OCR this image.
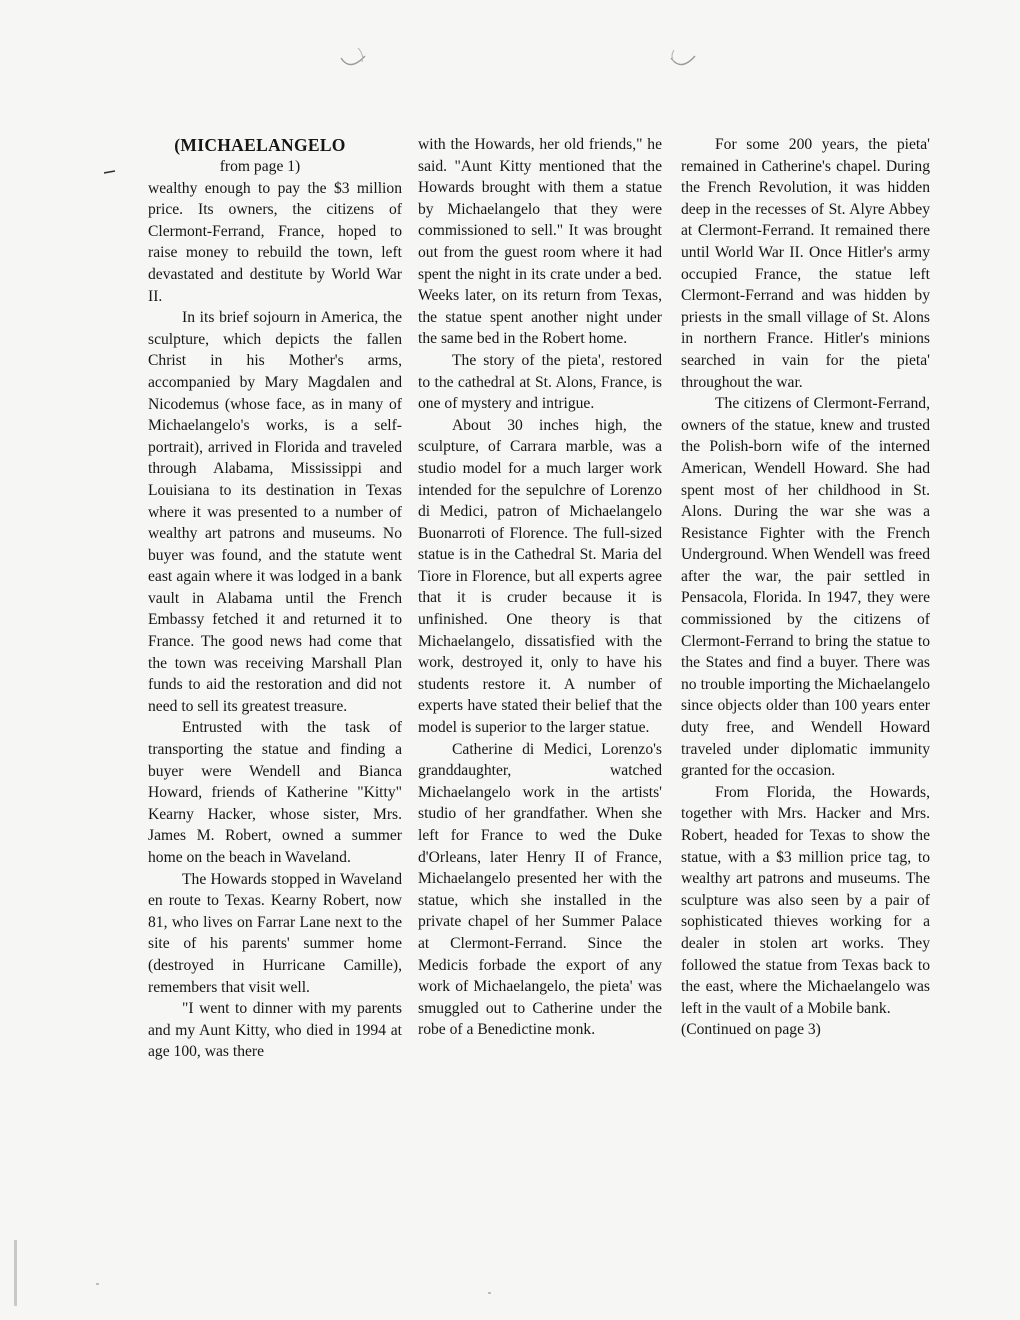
(MICHAELANGELO
from page 1)

wealthy enough to pay the $3 million price. Its owners, the citizens of Clermont-Ferrand, France, hoped to raise money to rebuild the town, left devastated and destitute by World War II.

In its brief sojourn in America, the sculpture, which depicts the fallen Christ in his Mother's arms, accompanied by Mary Magdalen and Nicodemus (whose face, as in many of Michaelangelo's works, is a self-portrait), arrived in Florida and traveled through Alabama, Mississippi and Louisiana to its destination in Texas where it was presented to a number of wealthy art patrons and museums. No buyer was found, and the statute went east again where it was lodged in a bank vault in Alabama until the French Embassy fetched it and returned it to France. The good news had come that the town was receiving Marshall Plan funds to aid the restoration and did not need to sell its greatest treasure.

Entrusted with the task of transporting the statue and finding a buyer were Wendell and Bianca Howard, friends of Katherine "Kitty" Kearny Hacker, whose sister, Mrs. James M. Robert, owned a summer home on the beach in Waveland.

The Howards stopped in Waveland en route to Texas. Kearny Robert, now 81, who lives on Farrar Lane next to the site of his parents' summer home (destroyed in Hurricane Camille), remembers that visit well.

"I went to dinner with my parents and my Aunt Kitty, who died in 1994 at age 100, was there

with the Howards, her old friends," he said. "Aunt Kitty mentioned that the Howards brought with them a statue by Michaelangelo that they were commissioned to sell." It was brought out from the guest room where it had spent the night in its crate under a bed. Weeks later, on its return from Texas, the statue spent another night under the same bed in the Robert home.

The story of the pieta', restored to the cathedral at St. Alons, France, is one of mystery and intrigue.

About 30 inches high, the sculpture, of Carrara marble, was a studio model for a much larger work intended for the sepulchre of Lorenzo di Medici, patron of Michaelangelo Buonarroti of Florence. The full-sized statue is in the Cathedral St. Maria del Tiore in Florence, but all experts agree that it is cruder because it is unfinished. One theory is that Michaelangelo, dissatisfied with the work, destroyed it, only to have his students restore it. A number of experts have stated their belief that the model is superior to the larger statue.

Catherine di Medici, Lorenzo's granddaughter, watched Michaelangelo work in the artists' studio of her grandfather. When she left for France to wed the Duke d'Orleans, later Henry II of France, Michaelangelo presented her with the statue, which she installed in the private chapel of her Summer Palace at Clermont-Ferrand. Since the Medicis forbade the export of any work of Michaelangelo, the pieta' was smuggled out to Catherine under the robe of a Benedictine monk.

For some 200 years, the pieta' remained in Catherine's chapel. During the French Revolution, it was hidden deep in the recesses of St. Alyre Abbey at Clermont-Ferrand. It remained there until World War II. Once Hitler's army occupied France, the statue left Clermont-Ferrand and was hidden by priests in the small village of St. Alons in northern France. Hitler's minions searched in vain for the pieta' throughout the war.

The citizens of Clermont-Ferrand, owners of the statue, knew and trusted the Polish-born wife of the interned American, Wendell Howard. She had spent most of her childhood in St. Alons. During the war she was a Resistance Fighter with the French Underground. When Wendell was freed after the war, the pair settled in Pensacola, Florida. In 1947, they were commissioned by the citizens of Clermont-Ferrand to bring the statue to the States and find a buyer. There was no trouble importing the Michaelangelo since objects older than 100 years enter duty free, and Wendell Howard traveled under diplomatic immunity granted for the occasion.

From Florida, the Howards, together with Mrs. Hacker and Mrs. Robert, headed for Texas to show the statue, with a $3 million price tag, to wealthy art patrons and museums. The sculpture was also seen by a pair of sophisticated thieves working for a dealer in stolen art works. They followed the statue from Texas back to the east, where the Michaelangelo was left in the vault of a Mobile bank.

(Continued on page 3)
